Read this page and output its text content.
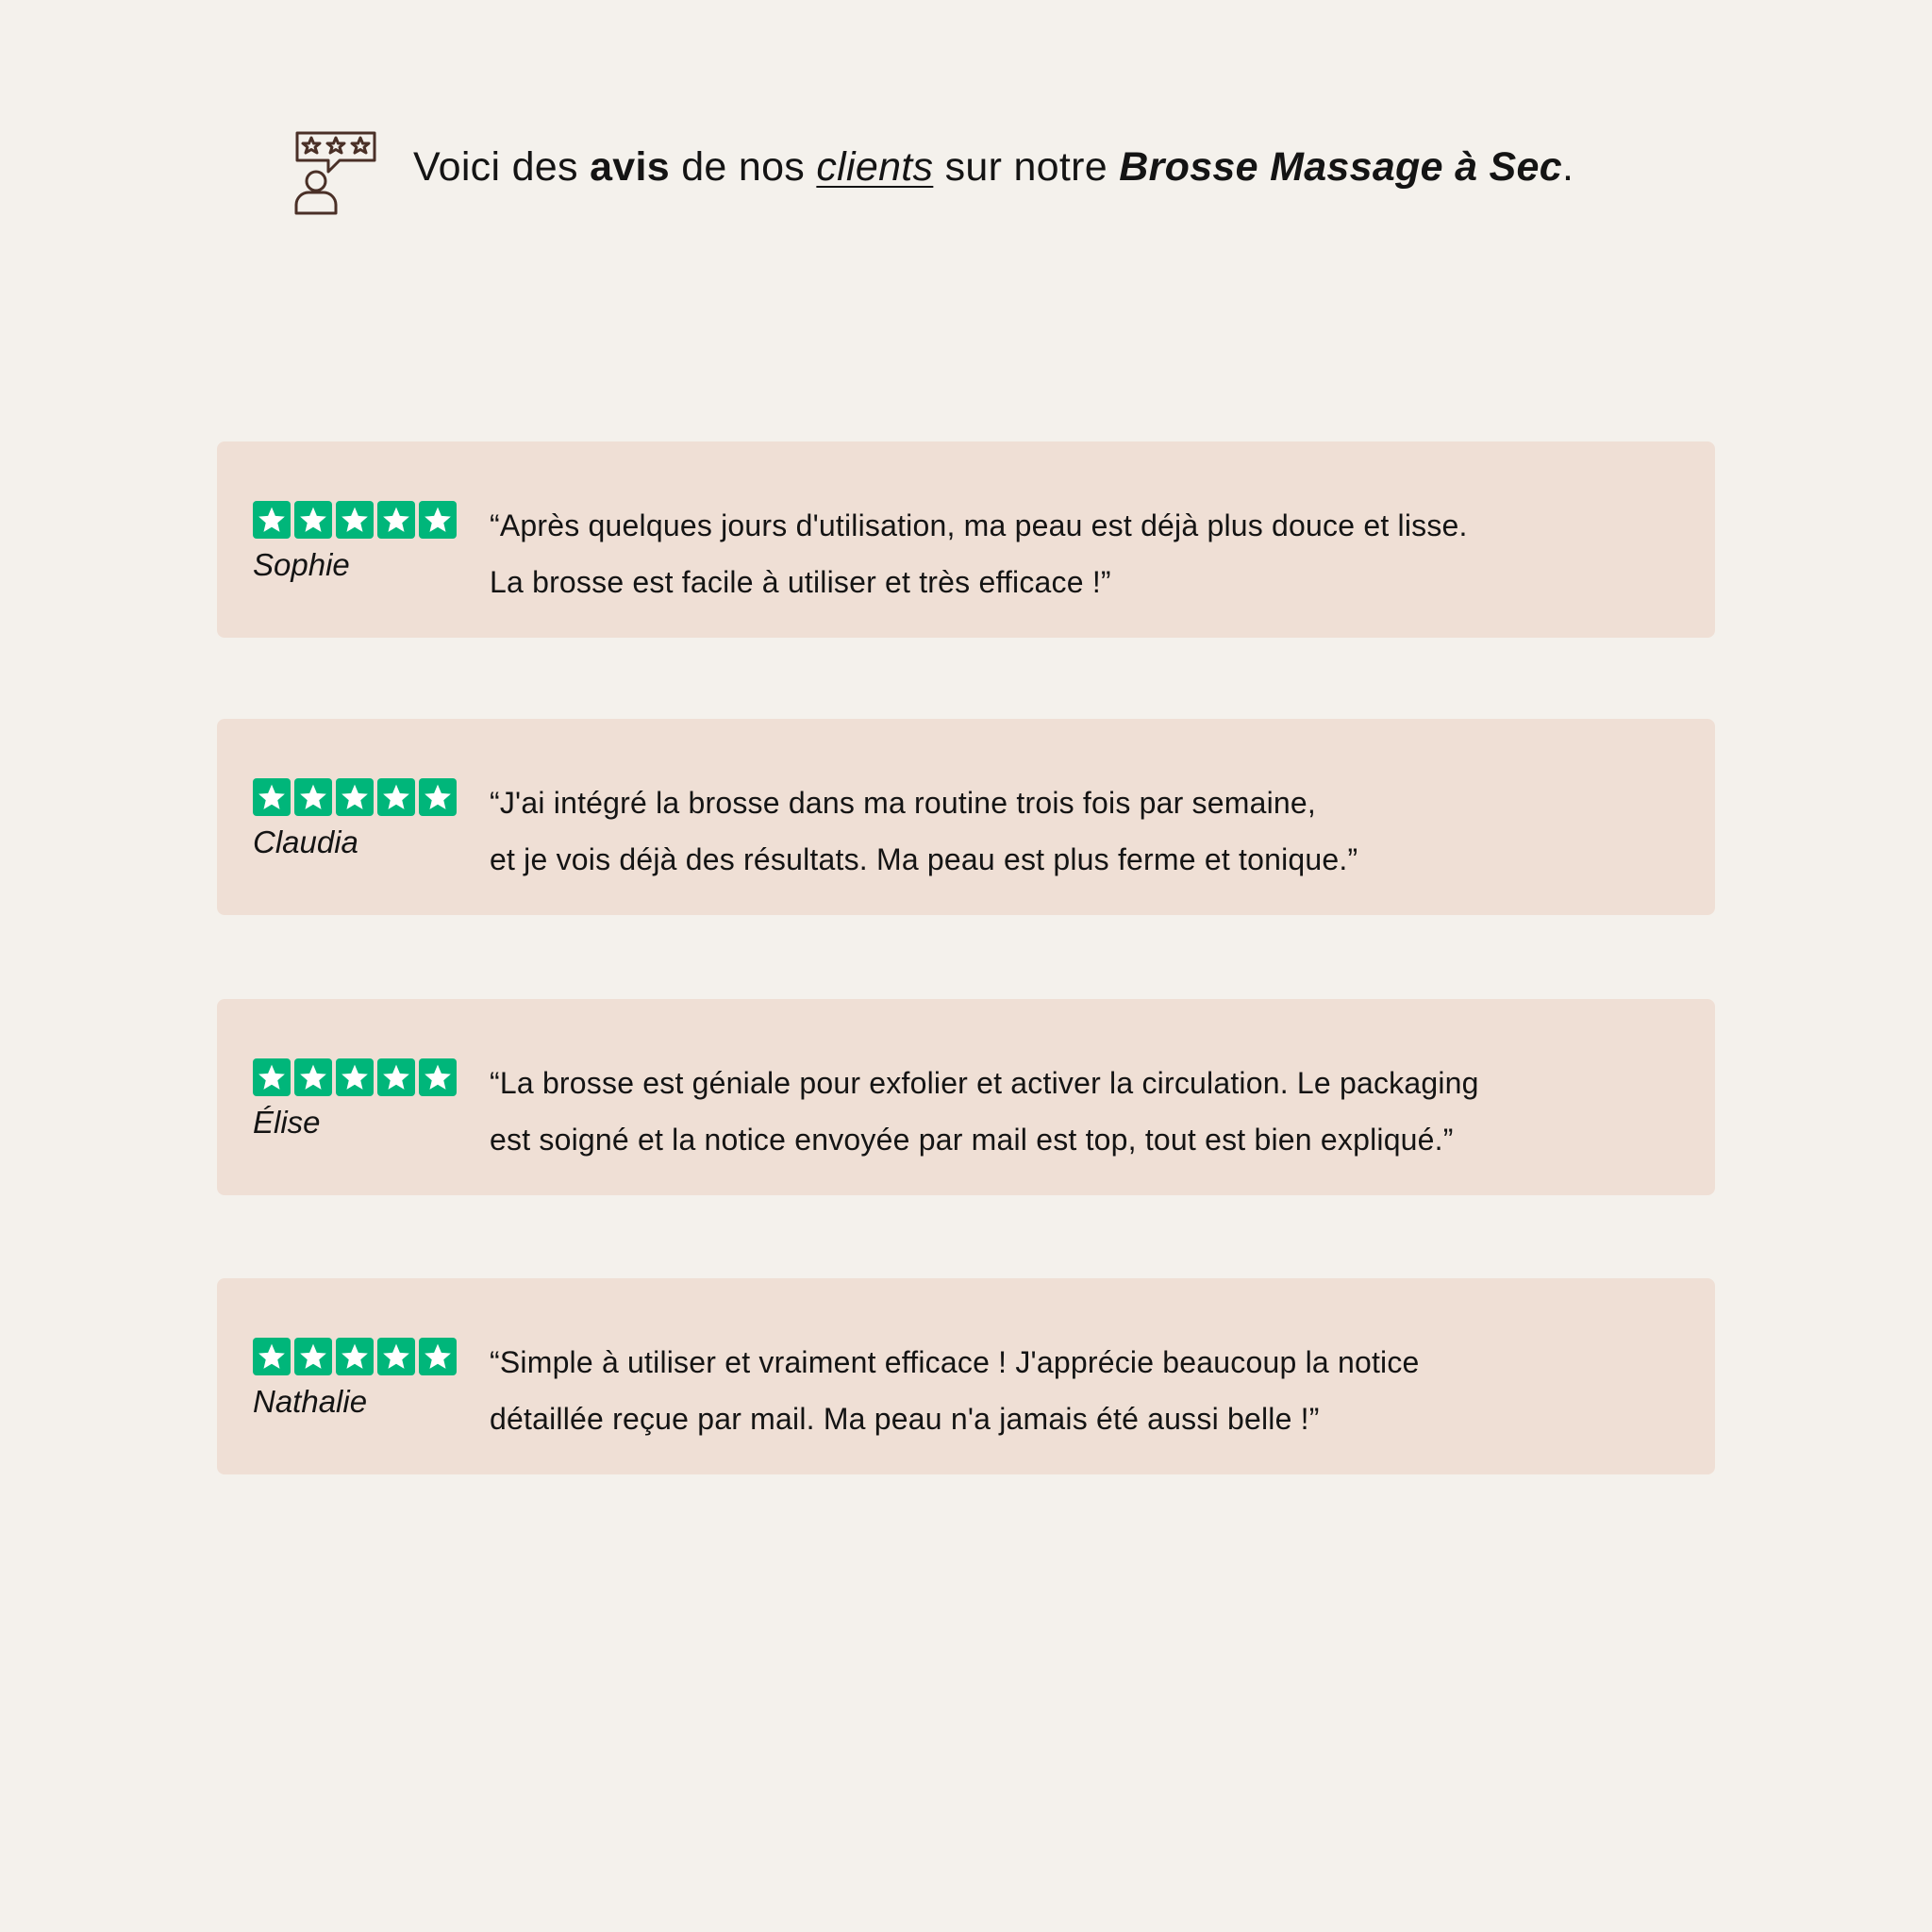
Voici des avis de nos clients sur notre Brosse Massage à Sec.
Sophie
“Après quelques jours d'utilisation, ma peau est déjà plus douce et lisse.
La brosse est facile à utiliser et très efficace !”
Claudia
“J'ai intégré la brosse dans ma routine trois fois par semaine,
et je vois déjà des résultats. Ma peau est plus ferme et tonique.”
Élise
“La brosse est géniale pour exfolier et activer la circulation. Le packaging
est soigné et la notice envoyée par mail est top, tout est bien expliqué.”
Nathalie
“Simple à utiliser et vraiment efficace ! J'apprécie beaucoup la notice
détaillée reçue par mail. Ma peau n'a jamais été aussi belle !”
